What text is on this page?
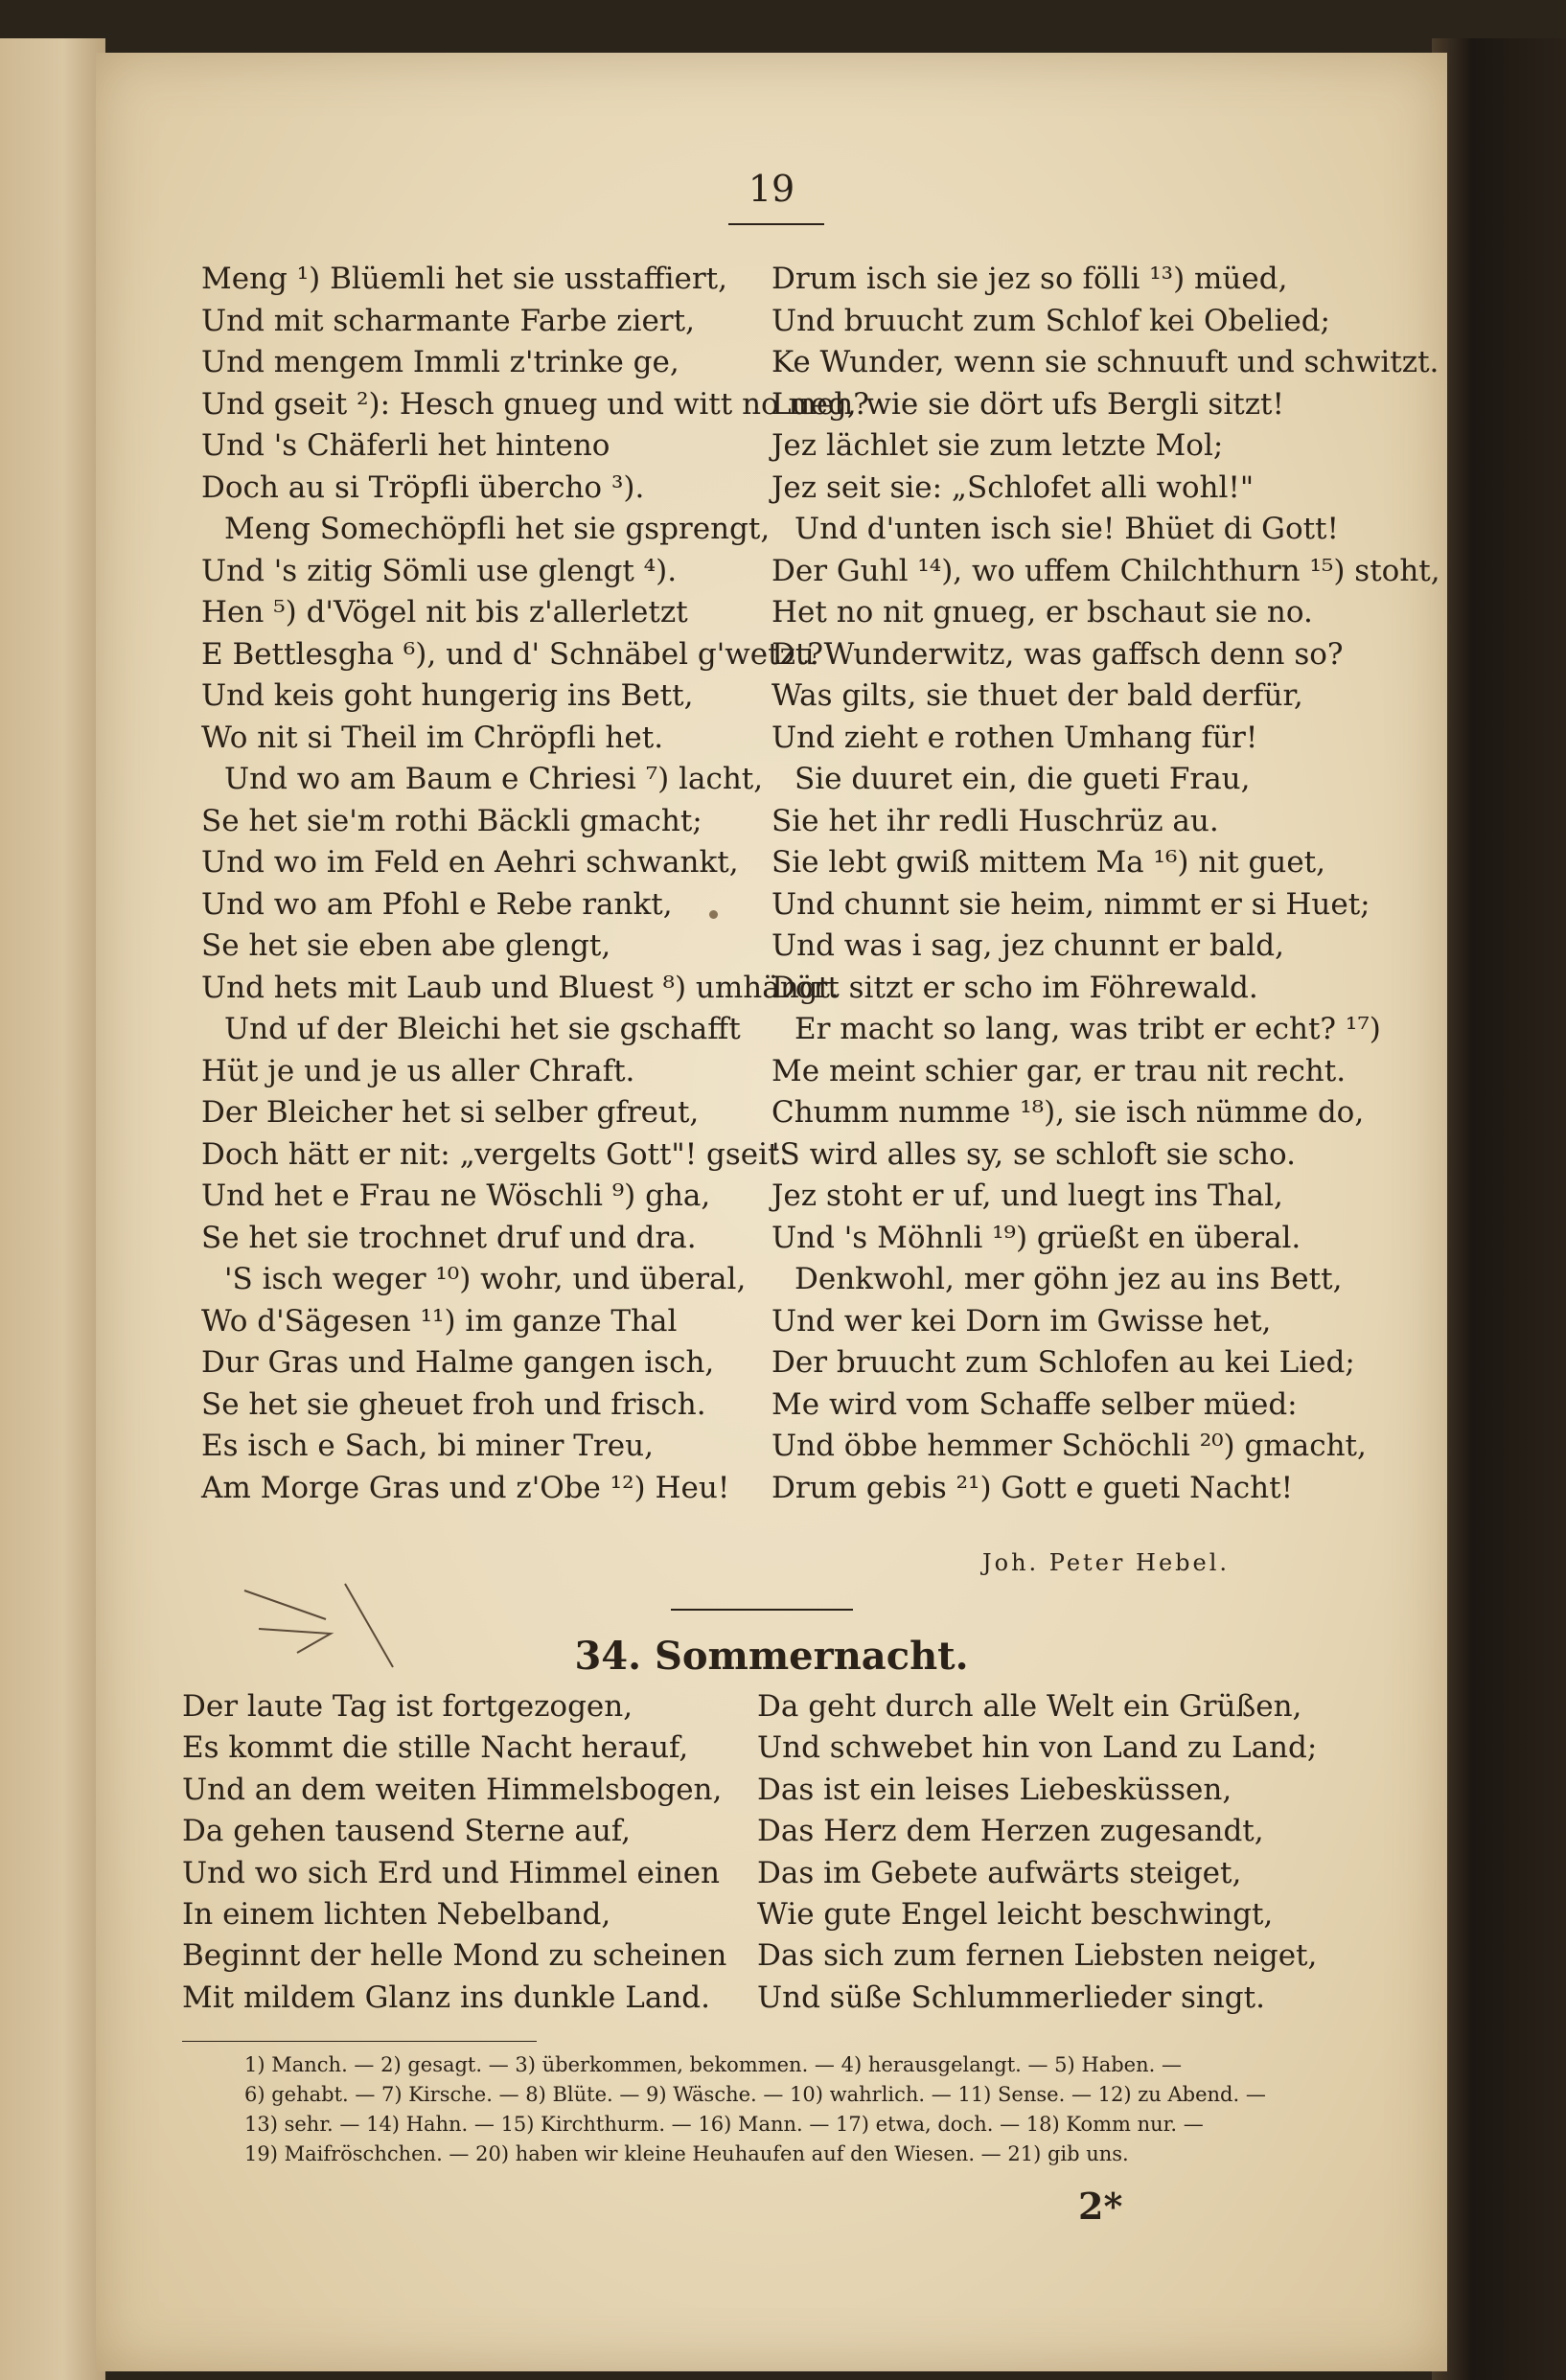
19
Meng ¹) Blüemli het sie usstaffiert,
Und mit scharmante Farbe ziert,
Und mengem Immli z'trinke ge,
Und gseit ²): Hesch gnueg und witt no meh?
Und 's Chäferli het hinteno
Doch au si Tröpfli übercho ³).
Meng Somechöpfli het sie gsprengt,
Und 's zitig Sömli use glengt ⁴).
Hen ⁵) d'Vögel nit bis z'allerletzt
E Bettlesgha ⁶), und d' Schnäbel g'wetzt?
Und keis goht hungerig ins Bett,
Wo nit si Theil im Chröpfli het.
Und wo am Baum e Chriesi ⁷) lacht,
Se het sie'm rothi Bäckli gmacht;
Und wo im Feld en Aehri schwankt,
Und wo am Pfohl e Rebe rankt,
Se het sie eben abe glengt,
Und hets mit Laub und Bluest ⁸) umhängt.
Und uf der Bleichi het sie gschafft
Hüt je und je us aller Chraft.
Der Bleicher het si selber gfreut,
Doch hätt er nit: „vergelts Gott"! gseit.
Und het e Frau ne Wöschli ⁹) gha,
Se het sie trochnet druf und dra.
'S isch weger ¹⁰) wohr, und überal,
Wo d'Sägesen ¹¹) im ganze Thal
Dur Gras und Halme gangen isch,
Se het sie gheuet froh und frisch.
Es isch e Sach, bi miner Treu,
Am Morge Gras und z'Obe ¹²) Heu!
Drum isch sie jez so fölli ¹³) müed,
Und bruucht zum Schlof kei Obelied;
Ke Wunder, wenn sie schnuuft und schwitzt.
Lueg, wie sie dört ufs Bergli sitzt!
Jez lächlet sie zum letzte Mol;
Jez seit sie: „Schlofet alli wohl!"
Und d'unten isch sie! Bhüet di Gott!
Der Guhl ¹⁴), wo uffem Chilchthurn ¹⁵) stoht,
Het no nit gnueg, er bschaut sie no.
Du Wunderwitz, was gaffsch denn so?
Was gilts, sie thuet der bald derfür,
Und zieht e rothen Umhang für!
Sie duuret ein, die gueti Frau,
Sie het ihr redli Huschrüz au.
Sie lebt gwiß mittem Ma ¹⁶) nit guet,
Und chunnt sie heim, nimmt er si Huet;
Und was i sag, jez chunnt er bald,
Dört sitzt er scho im Föhrewald.
Er macht so lang, was tribt er echt? ¹⁷)
Me meint schier gar, er trau nit recht.
Chumm numme ¹⁸), sie isch nümme do,
'S wird alles sy, se schloft sie scho.
Jez stoht er uf, und luegt ins Thal,
Und 's Möhnli ¹⁹) grüeßt en überal.
Denkwohl, mer göhn jez au ins Bett,
Und wer kei Dorn im Gwisse het,
Der bruucht zum Schlofen au kei Lied;
Me wird vom Schaffe selber müed:
Und öbbe hemmer Schöchli ²⁰) gmacht,
Drum gebis ²¹) Gott e gueti Nacht!
Joh. Peter Hebel.
34. Sommernacht.
Der laute Tag ist fortgezogen,
Es kommt die stille Nacht herauf,
Und an dem weiten Himmelsbogen,
Da gehen tausend Sterne auf,
Und wo sich Erd und Himmel einen
In einem lichten Nebelband,
Beginnt der helle Mond zu scheinen
Mit mildem Glanz ins dunkle Land.
Da geht durch alle Welt ein Grüßen,
Und schwebet hin von Land zu Land;
Das ist ein leises Liebesküssen,
Das Herz dem Herzen zugesandt,
Das im Gebete aufwärts steiget,
Wie gute Engel leicht beschwingt,
Das sich zum fernen Liebsten neiget,
Und süße Schlummerlieder singt.
1) Manch. — 2) gesagt. — 3) überkommen, bekommen. — 4) herausgelangt. — 5) Haben. —
6) gehabt. — 7) Kirsche. — 8) Blüte. — 9) Wäsche. — 10) wahrlich. — 11) Sense. — 12) zu Abend. —
13) sehr. — 14) Hahn. — 15) Kirchthurm. — 16) Mann. — 17) etwa, doch. — 18) Komm nur. —
19) Maifröschchen. — 20) haben wir kleine Heuhaufen auf den Wiesen. — 21) gib uns.
2*
